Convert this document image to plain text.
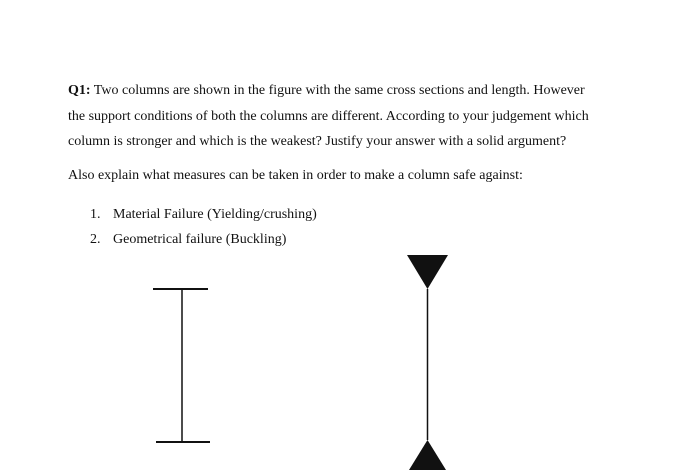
Q1: Two columns are shown in the figure with the same cross sections and length. However
the support conditions of both the columns are different. According to your judgement which
column is stronger and which is the weakest? Justify your answer with a solid argument?

Also explain what measures can be taken in order to make a column safe against:
1. Material Failure (Yielding/crushing)
2. Geometrical failure (Buckling)
